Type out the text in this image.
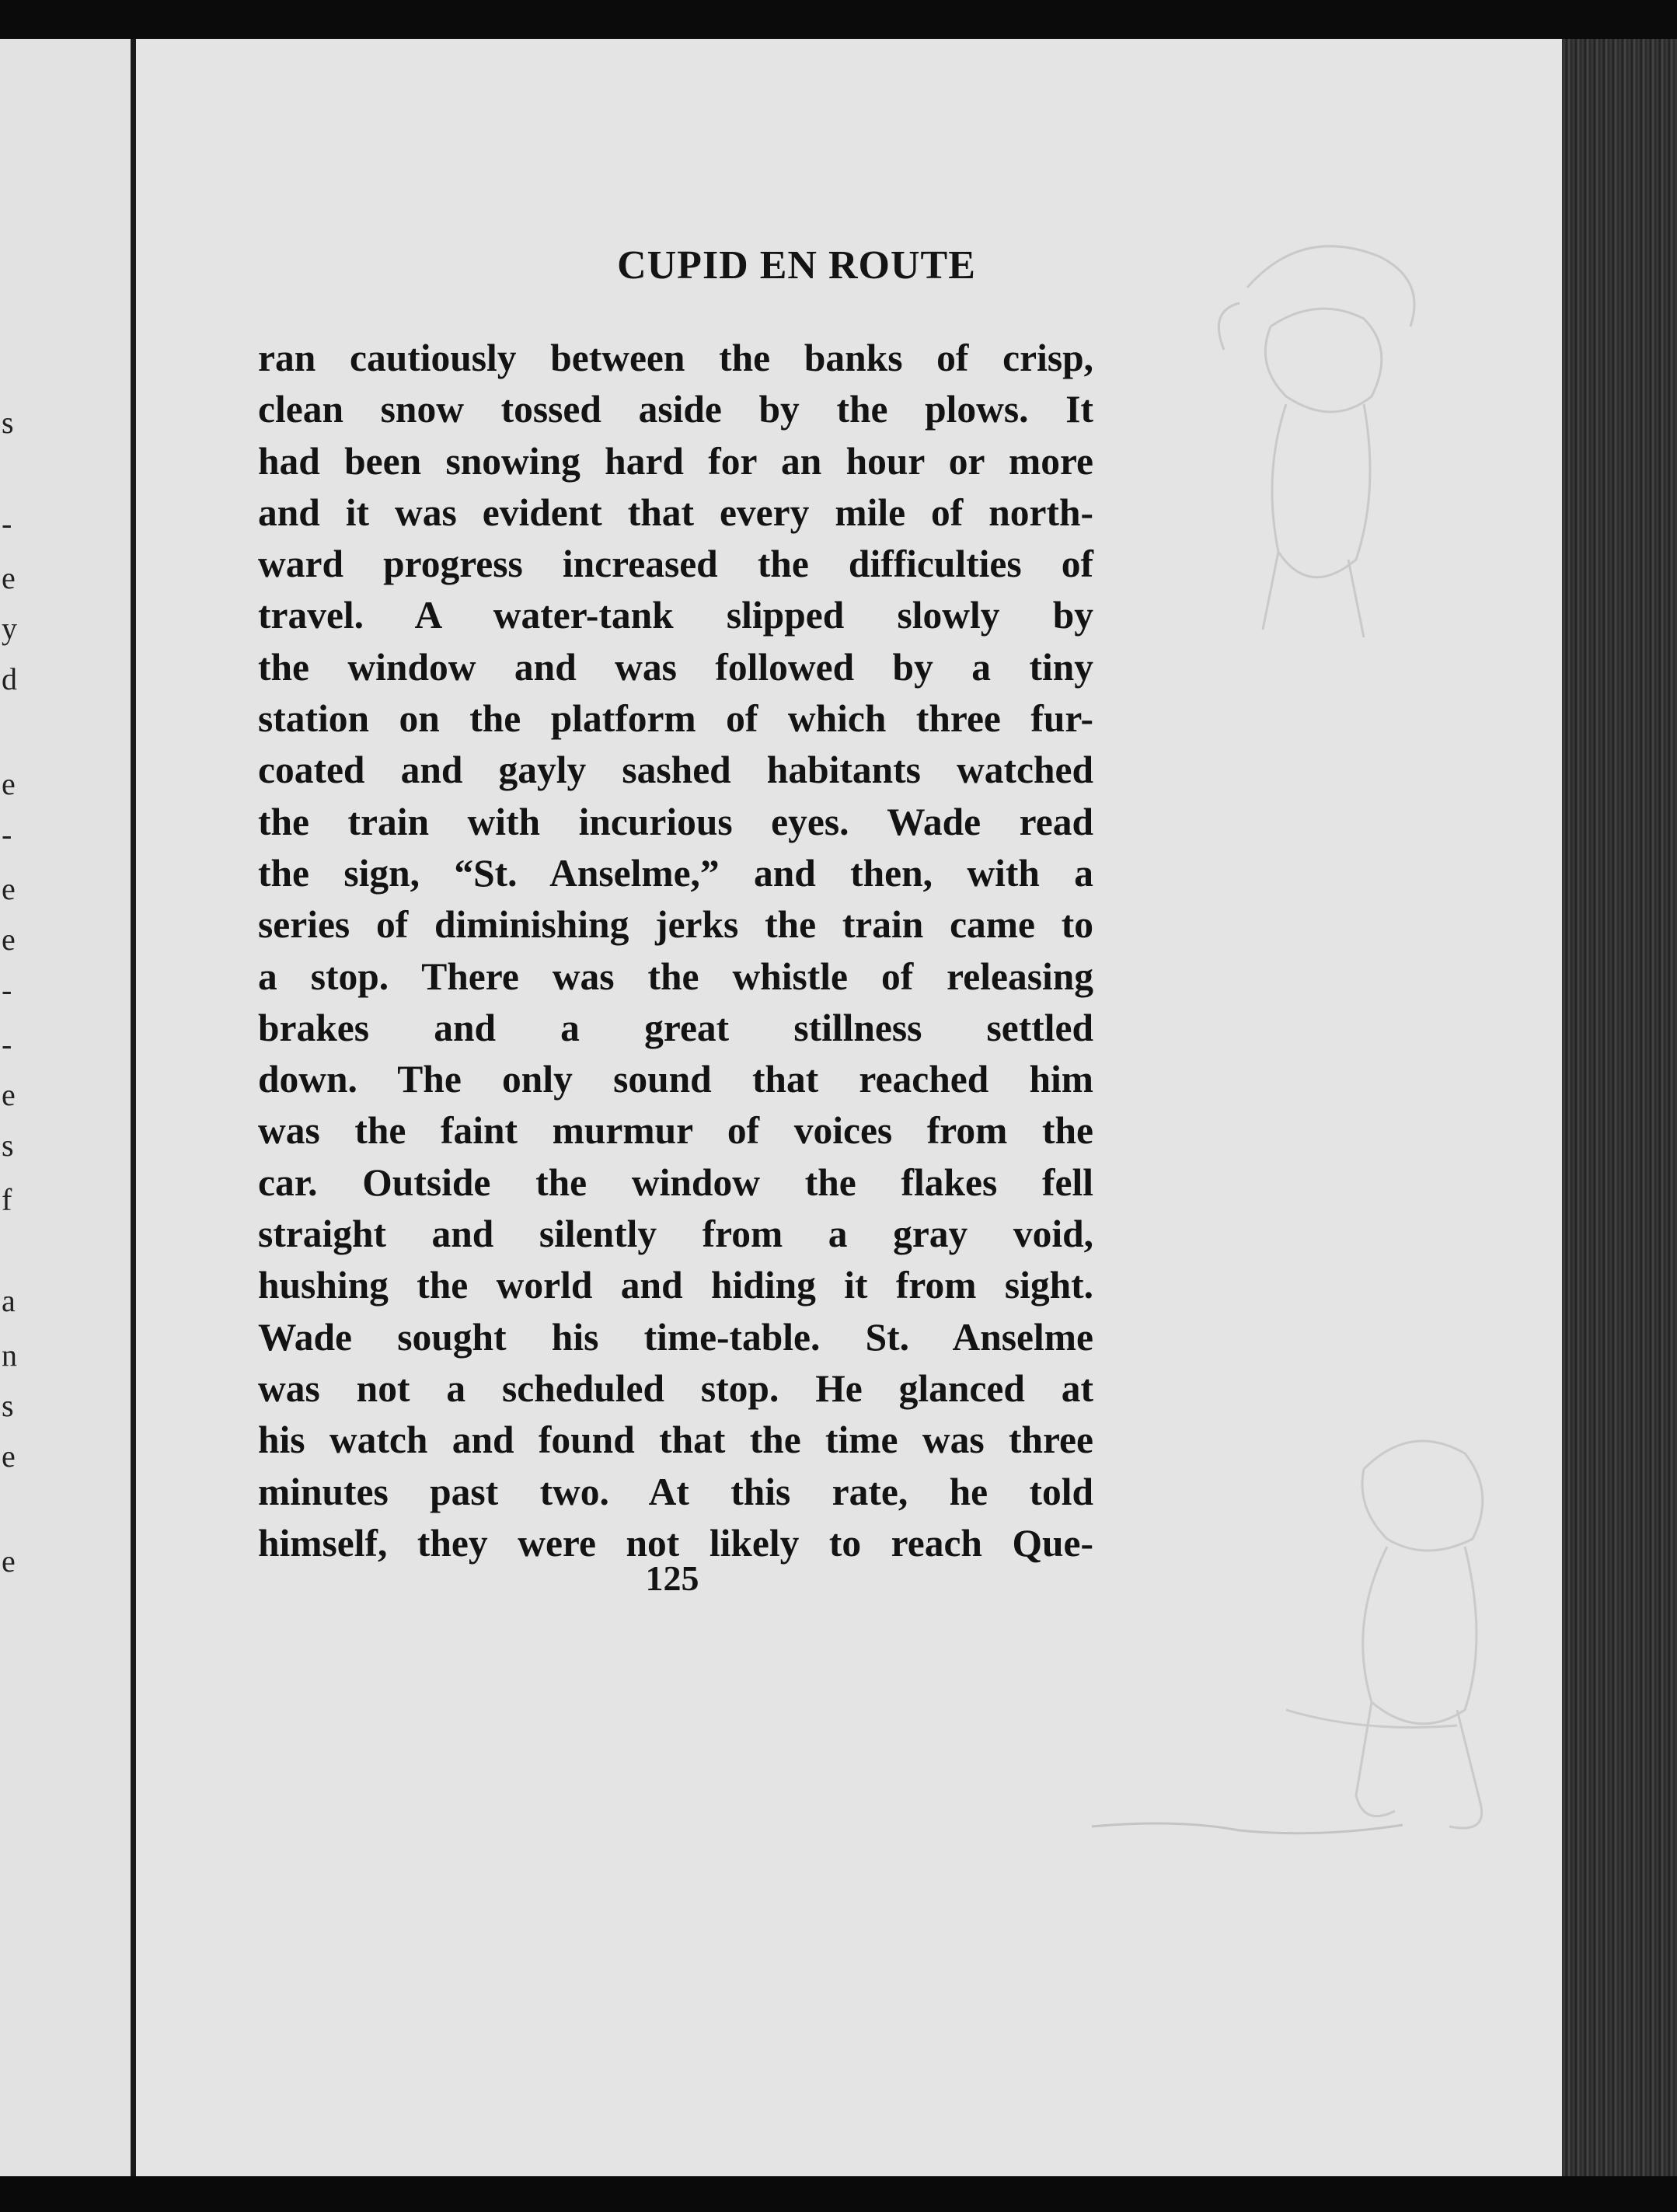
s
-
e
y
d
e
-
e
e
-
-
e
s
f
a
n
s
e
e
CUPID EN ROUTE
ran cautiously between the banks of crisp,
clean snow tossed aside by the plows. It
had been snowing hard for an hour or more
and it was evident that every mile of north-
ward progress increased the difficulties of
travel. A water-tank slipped slowly by
the window and was followed by a tiny
station on the platform of which three fur-
coated and gayly sashed habitants watched
the train with incurious eyes. Wade read
the sign, “St. Anselme,” and then, with a
series of diminishing jerks the train came to
a stop. There was the whistle of releasing
brakes and a great stillness settled
down. The only sound that reached him
was the faint murmur of voices from the
car. Outside the window the flakes fell
straight and silently from a gray void,
hushing the world and hiding it from sight.
Wade sought his time-table. St. Anselme
was not a scheduled stop. He glanced at
his watch and found that the time was three
minutes past two. At this rate, he told
himself, they were not likely to reach Que-
125
